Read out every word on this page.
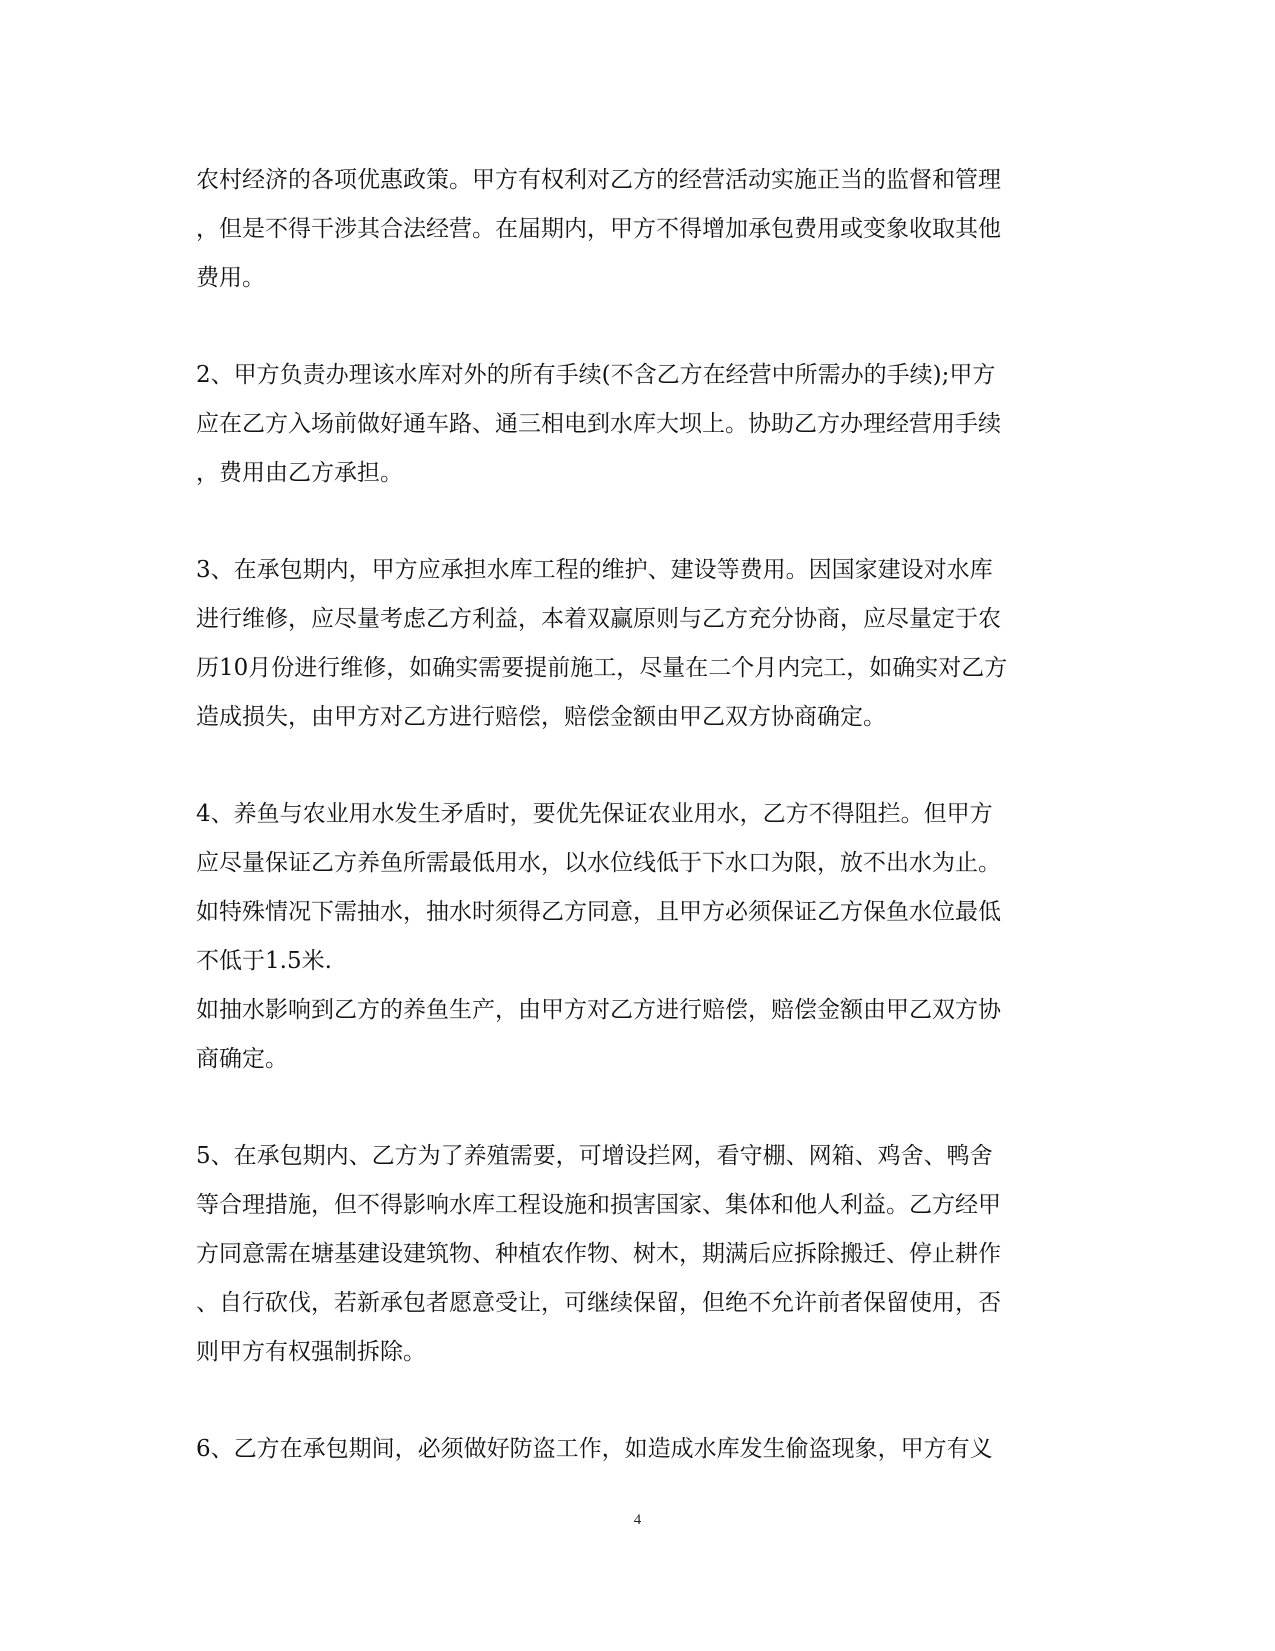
农村经济的各项优惠政策。甲方有权利对乙方的经营活动实施正当的监督和管理
，但是不得干涉其合法经营。在届期内，甲方不得增加承包费用或变象收取其他
费用。
2、甲方负责办理该水库对外的所有手续(不含乙方在经营中所需办的手续);甲方
应在乙方入场前做好通车路、通三相电到水库大坝上。协助乙方办理经营用手续
，费用由乙方承担。
3、在承包期内，甲方应承担水库工程的维护、建设等费用。因国家建设对水库
进行维修，应尽量考虑乙方利益，本着双赢原则与乙方充分协商，应尽量定于农
历10月份进行维修，如确实需要提前施工，尽量在二个月内完工，如确实对乙方
造成损失，由甲方对乙方进行赔偿，赔偿金额由甲乙双方协商确定。
4、养鱼与农业用水发生矛盾时，要优先保证农业用水，乙方不得阻拦。但甲方
应尽量保证乙方养鱼所需最低用水，以水位线低于下水口为限，放不出水为止。
如特殊情况下需抽水，抽水时须得乙方同意，且甲方必须保证乙方保鱼水位最低
不低于1.5米.
如抽水影响到乙方的养鱼生产，由甲方对乙方进行赔偿，赔偿金额由甲乙双方协
商确定。
5、在承包期内、乙方为了养殖需要，可增设拦网，看守棚、网箱、鸡舍、鸭舍
等合理措施，但不得影响水库工程设施和损害国家、集体和他人利益。乙方经甲
方同意需在塘基建设建筑物、种植农作物、树木，期满后应拆除搬迁、停止耕作
、自行砍伐，若新承包者愿意受让，可继续保留，但绝不允许前者保留使用，否
则甲方有权强制拆除。
6、乙方在承包期间，必须做好防盗工作，如造成水库发生偷盗现象，甲方有义
4
